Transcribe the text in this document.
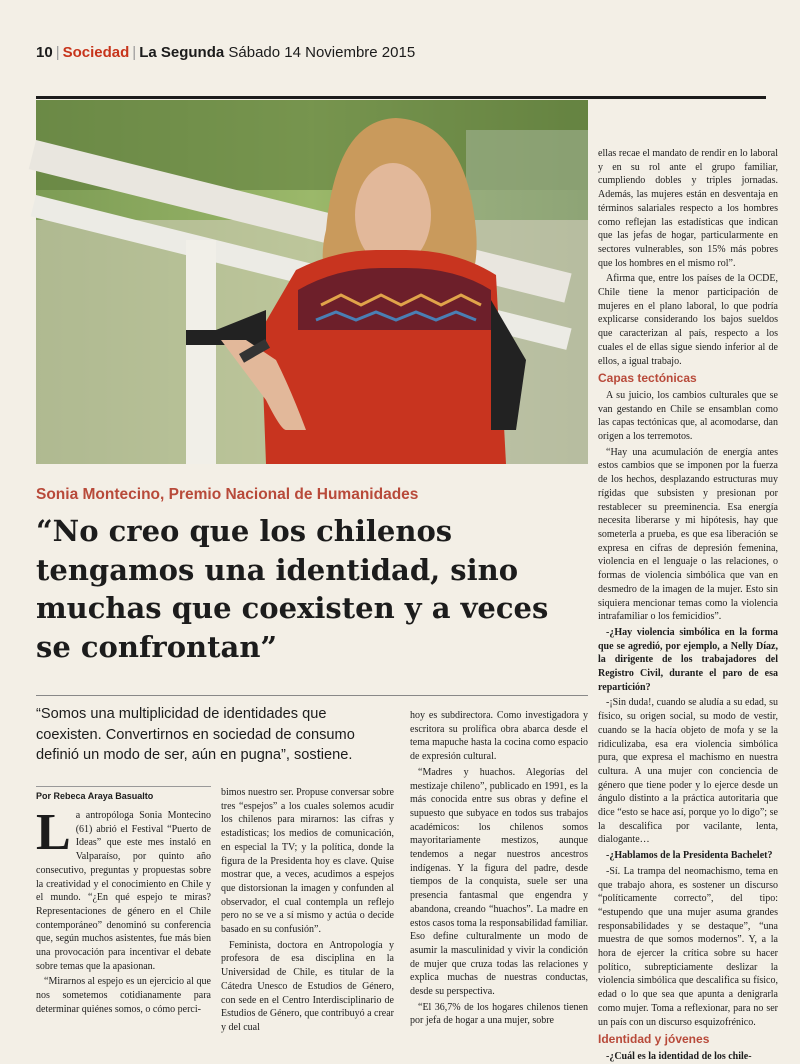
10 | Sociedad | La Segunda Sábado 14 Noviembre 2015
Sonia Montecino, Premio Nacional de Humanidades
“No creo que los chilenos tengamos una identidad, sino muchas que coexisten y a veces se confrontan”
“Somos una multiplicidad de identidades que coexisten. Convertirnos en sociedad de consumo definió un modo de ser, aún en pugna”, sostiene.
Por Rebeca Araya Basualto
L a antropóloga Sonia Montecino (61) abrió el Festival “Puerto de Ideas” que este mes instaló en Valparaíso, por quinto año consecutivo, preguntas y propuestas sobre la creatividad y el conocimiento en Chile y el mundo. “¿En qué espejo te miras? Representaciones de género en el Chile contemporáneo” denominó su conferencia que, según muchos asistentes, fue más bien una provocación para incentivar el debate sobre temas que la apasionan.

“Mirarnos al espejo es un ejercicio al que nos sometemos cotidianamente para determinar quiénes somos, o cómo perci-

bimos nuestro ser. Propuse conversar sobre tres “espejos” a los cuales solemos acudir los chilenos para mirarnos: las cifras y estadísticas; los medios de comunicación, en especial la TV; y la política, donde la figura de la Presidenta hoy es clave. Quise mostrar que, a veces, acudimos a espejos que distorsionan la imagen y confunden al observador, el cual contempla un reflejo pero no se ve a sí mismo y actúa o decide basado en su confusión”.

Feminista, doctora en Antropología y profesora de esa disciplina en la Universidad de Chile, es titular de la Cátedra Unesco de Estudios de Género, con sede en el Centro Interdisciplinario de Estudios de Género, que contribuyó a crear y del cual

hoy es subdirectora. Como investigadora y escritora su prolífica obra abarca desde el tema mapuche hasta la cocina como espacio de expresión cultural.

“Madres y huachos. Alegorías del mestizaje chileno”, publicado en 1991, es la más conocida entre sus obras y define el supuesto que subyace en todos sus trabajos académicos: los chilenos somos mayoritariamente mestizos, aunque tendemos a negar nuestros ancestros indígenas. Y la figura del padre, desde tiempos de la conquista, suele ser una presencia fantasmal que engendra y abandona, creando “huachos”. La madre en estos casos toma la responsabilidad familiar. Eso define culturalmente un modo de asumir la masculinidad y vivir la condición de mujer que cruza todas las relaciones y explica muchas de nuestras conductas, desde su perspectiva.

“El 36,7% de los hogares chilenos tienen por jefa de hogar a una mujer, sobre

ellas recae el mandato de rendir en lo laboral y en su rol ante el grupo familiar, cumpliendo dobles y triples jornadas. Además, las mujeres están en desventaja en términos salariales respecto a los hombres como reflejan las estadísticas que indican que las jefas de hogar, particularmente en sectores vulnerables, son 15% más pobres que los hombres en el mismo rol”.

Afirma que, entre los países de la OCDE, Chile tiene la menor participación de mujeres en el plano laboral, lo que podría explicarse considerando los bajos sueldos que caracterizan al país, respecto a los cuales el de ellas sigue siendo inferior al de ellos, a igual trabajo.

Capas tectónicas

A su juicio, los cambios culturales que se van gestando en Chile se ensamblan como las capas tectónicas que, al acomodarse, dan origen a los terremotos.

“Hay una acumulación de energía antes estos cambios que se imponen por la fuerza de los hechos, desplazando estructuras muy rígidas que subsisten y presionan por restablecer su preeminencia. Esa energía necesita liberarse y mi hipótesis, hay que someterla a prueba, es que esa liberación se expresa en cifras de depresión femenina, violencia en el lenguaje o las relaciones, o formas de violencia simbólica que van en desmedro de la imagen de la mujer. Esto sin siquiera mencionar temas como la violencia intrafamiliar o los femicidios”.

-¿Hay violencia simbólica en la forma que se agredió, por ejemplo, a Nelly Díaz, la dirigente de los trabajadores del Registro Civil, durante el paro de esa repartición?

-¡Sin duda!, cuando se aludía a su edad, su físico, su origen social, su modo de vestir, cuando se la hacía objeto de mofa y se la ridiculizaba, esa era violencia simbólica pura, que expresa el machismo en nuestra cultura. A una mujer con conciencia de género que tiene poder y lo ejerce desde un ángulo distinto a la práctica autoritaria que dice “esto se hace así, porque yo lo digo”; se la descalifica por vacilante, lenta, dialogante…

-¿Hablamos de la Presidenta Bachelet?

-Sí. La trampa del neomachismo, tema en que trabajo ahora, es sostener un discurso “políticamente correcto”, del tipo: “estupendo que una mujer asuma grandes responsabilidades y se destaque”, “una muestra de que somos modernos”. Y, a la hora de ejercer la crítica sobre su hacer político, subrepticiamente deslizar la violencia simbólica que descalifica su físico, edad o lo que sea que apunta a denigrarla como mujer. Toma a reflexionar, para no ser un país con un discurso esquizofrénico.

Identidad y jóvenes

-¿Cuál es la identidad de los chile-
